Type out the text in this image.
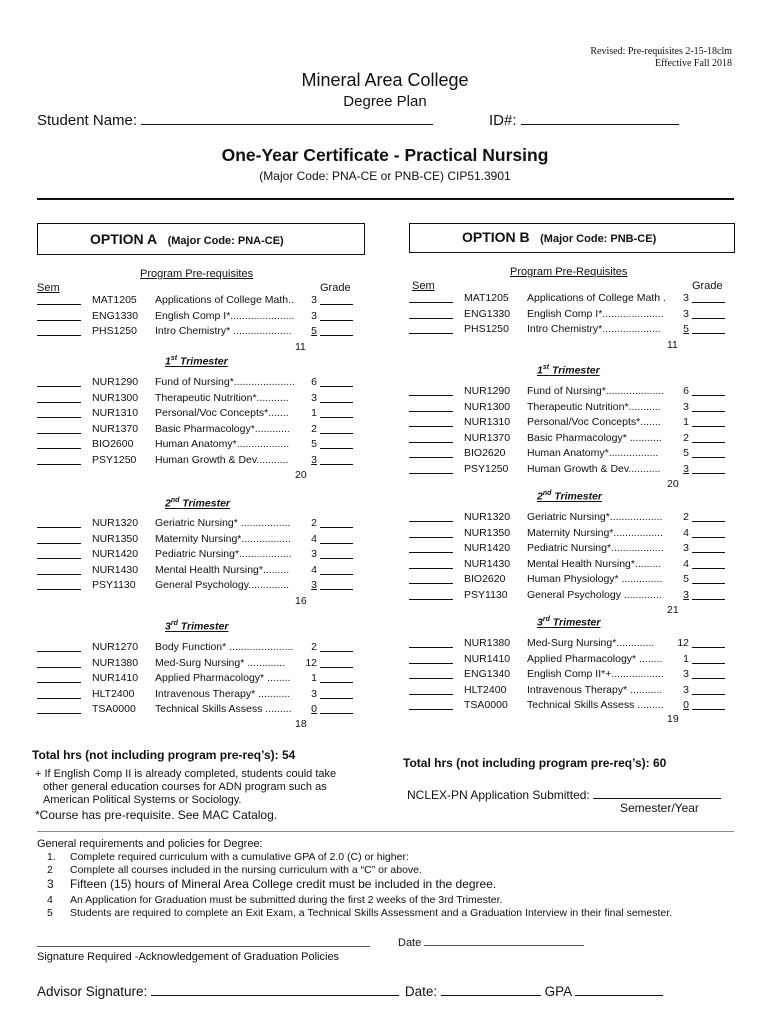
Revised: Pre-requisites 2-15-18clm
Effective Fall 2018
Mineral Area College
Degree Plan
Student Name:	ID#:
One-Year Certificate - Practical Nursing
(Major Code: PNA-CE or PNB-CE) CIP51.3901
OPTION A (Major Code: PNA-CE)	OPTION B (Major Code: PNB-CE)
Program Pre-requisites
Sem	Grade
MAT1205 Applications of College Math..	3
ENG1330 English Comp I*......................	3
PHS1250 Intro Chemistry* ....................	5
11
1st Trimester
NUR1290 Fund of Nursing*.....................	6
NUR1300 Therapeutic Nutrition*...........	3
NUR1310 Personal/Voc Concepts*.......	1
NUR1370 Basic Pharmacology*............	2
BIO2600 Human Anatomy*..................	5
PSY1250 Human Growth & Dev...........	3
20
2nd Trimester
NUR1320 Geriatric Nursing* .................	2
NUR1350 Maternity Nursing*.................	4
NUR1420 Pediatric Nursing*..................	3
NUR1430 Mental Health Nursing*.........	4
PSY1130 General Psychology..............	3
16
3rd Trimester
NUR1270 Body Function* ......................	2
NUR1380 Med-Surg Nursing* .............	12
NUR1410 Applied Pharmacology* ........	1
HLT2400 Intravenous Therapy* ...........	3
TSA0000 Technical Skills Assess .........	0
18
Total hrs (not including program pre-req’s): 54
+ If English Comp II is already completed, students could take
other general education courses for ADN program such as
American Political Systems or Sociology.
*Course has pre-requisite. See MAC Catalog.
Program Pre-Requisites
Sem	Grade
MAT1205 Applications of College Math .	3
ENG1330 English Comp I*.....................	3
PHS1250 Intro Chemistry*....................	5
11
1st Trimester
NUR1290 Fund of Nursing*....................	6
NUR1300 Therapeutic Nutrition*...........	3
NUR1310 Personal/Voc Concepts*.......	1
NUR1370 Basic Pharmacology* ...........	2
BIO2620 Human Anatomy*.................	5
PSY1250 Human Growth & Dev...........	3
20
2nd Trimester
NUR1320 Geriatric Nursing*..................	2
NUR1350 Maternity Nursing*.................	4
NUR1420 Pediatric Nursing*..................	3
NUR1430 Mental Health Nursing*.........	4
BIO2620 Human Physiology* ..............	5
PSY1130 General Psychology .............	3
21
3rd Trimester
NUR1380 Med-Surg Nursing*.............	12
NUR1410 Applied Pharmacology* ........	1
ENG1340 English Comp II*+..................	3
HLT2400 Intravenous Therapy* ...........	3
TSA0000 Technical Skills Assess .........	0
19
Total hrs (not including program pre-req’s): 60
NCLEX-PN Application Submitted:
Semester/Year
General requirements and policies for Degree:
1. Complete required curriculum with a cumulative GPA of 2.0 (C) or higher:
2 Complete all courses included in the nursing curriculum with a “C” or above.
3 Fifteen (15) hours of Mineral Area College credit must be included in the degree.
4 An Application for Graduation must be submitted during the first 2 weeks of the 3rd Trimester.
5 Students are required to complete an Exit Exam, a Technical Skills Assessment and a Graduation Interview in their final semester.
Date
Signature Required -Acknowledgement of Graduation Policies
Advisor Signature:	Date:	GPA
